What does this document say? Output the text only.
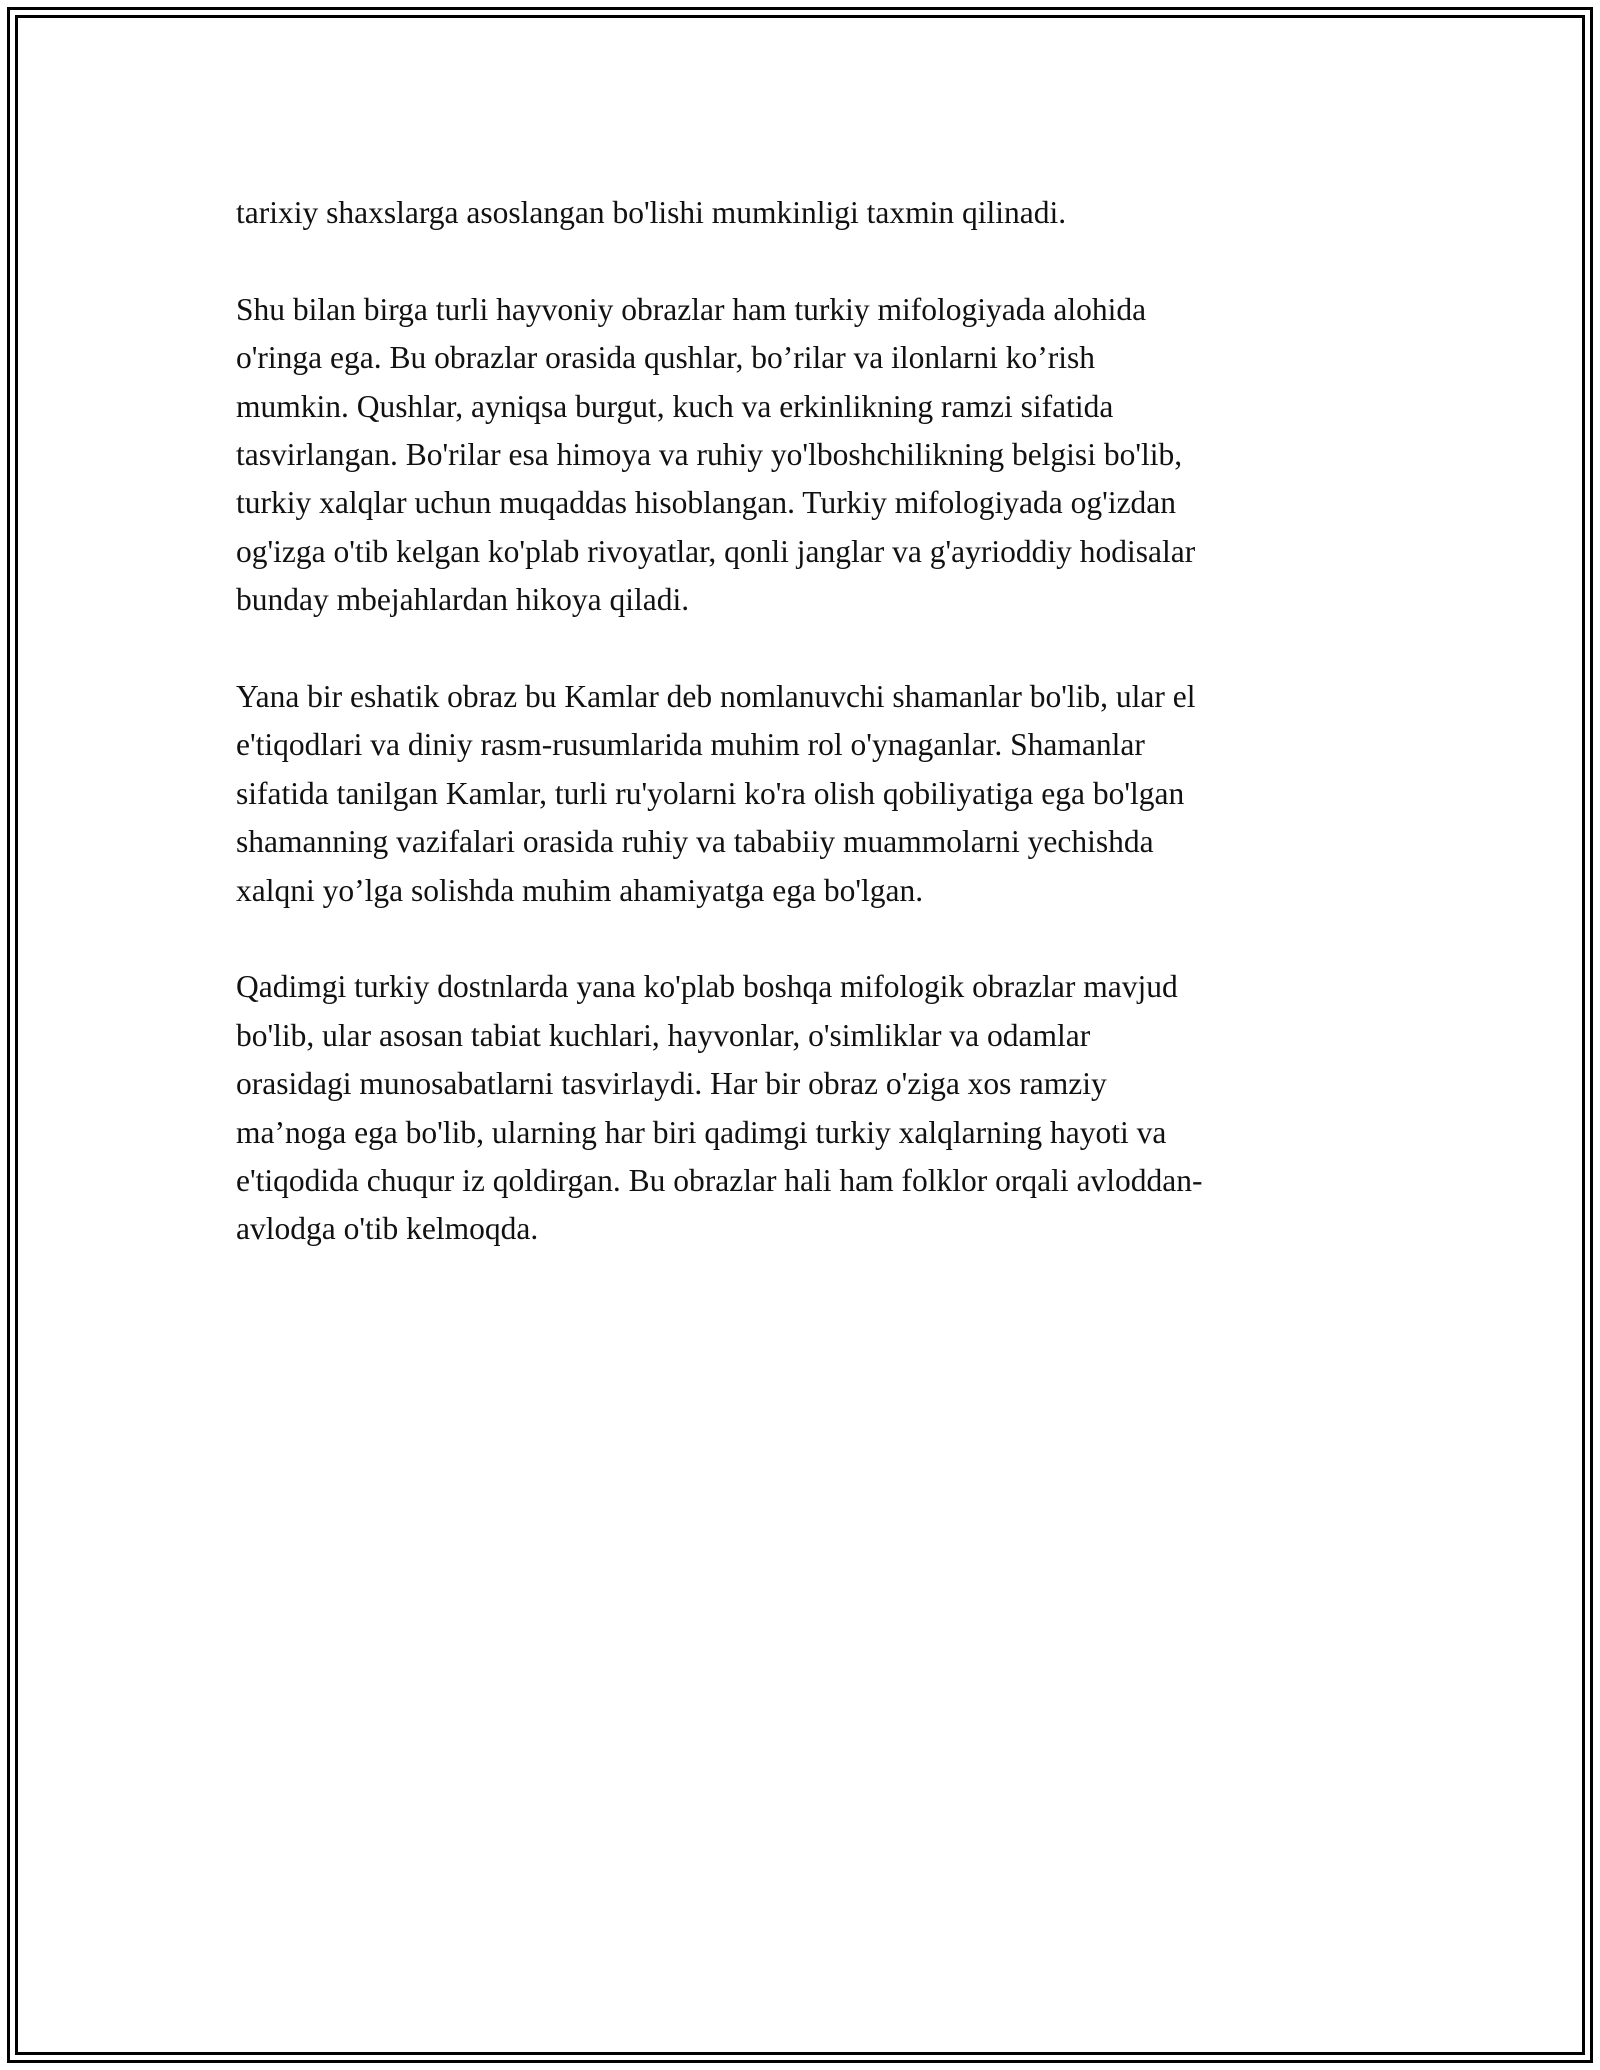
tarixiy shaxslarga asoslangan bo'lishi mumkinligi taxmin qilinadi.

Shu bilan birga turli hayvoniy obrazlar ham turkiy mifologiyada alohida
o'ringa ega. Bu obrazlar orasida qushlar, bo’rilar va ilonlarni ko’rish
mumkin. Qushlar, ayniqsa burgut, kuch va erkinlikning ramzi sifatida
tasvirlangan. Bo'rilar esa himoya va ruhiy yo'lboshchilikning belgisi bo'lib,
turkiy xalqlar uchun muqaddas hisoblangan. Turkiy mifologiyada og'izdan
og'izga o'tib kelgan ko'plab rivoyatlar, qonli janglar va g'ayrioddiy hodisalar
bunday mbejahlardan hikoya qiladi.

Yana bir eshatik obraz bu Kamlar deb nomlanuvchi shamanlar bo'lib, ular el
e'tiqodlari va diniy rasm-rusumlarida muhim rol o'ynaganlar. Shamanlar
sifatida tanilgan Kamlar, turli ru'yolarni ko'ra olish qobiliyatiga ega bo'lgan
shamanning vazifalari orasida ruhiy va tababiiy muammolarni yechishda
xalqni yo’lga solishda muhim ahamiyatga ega bo'lgan.

Qadimgi turkiy dostnlarda yana ko'plab boshqa mifologik obrazlar mavjud
bo'lib, ular asosan tabiat kuchlari, hayvonlar, o'simliklar va odamlar
orasidagi munosabatlarni tasvirlaydi. Har bir obraz o'ziga xos ramziy
ma’noga ega bo'lib, ularning har biri qadimgi turkiy xalqlarning hayoti va
e'tiqodida chuqur iz qoldirgan. Bu obrazlar hali ham folklor orqali avloddan-
avlodga o'tib kelmoqda.
